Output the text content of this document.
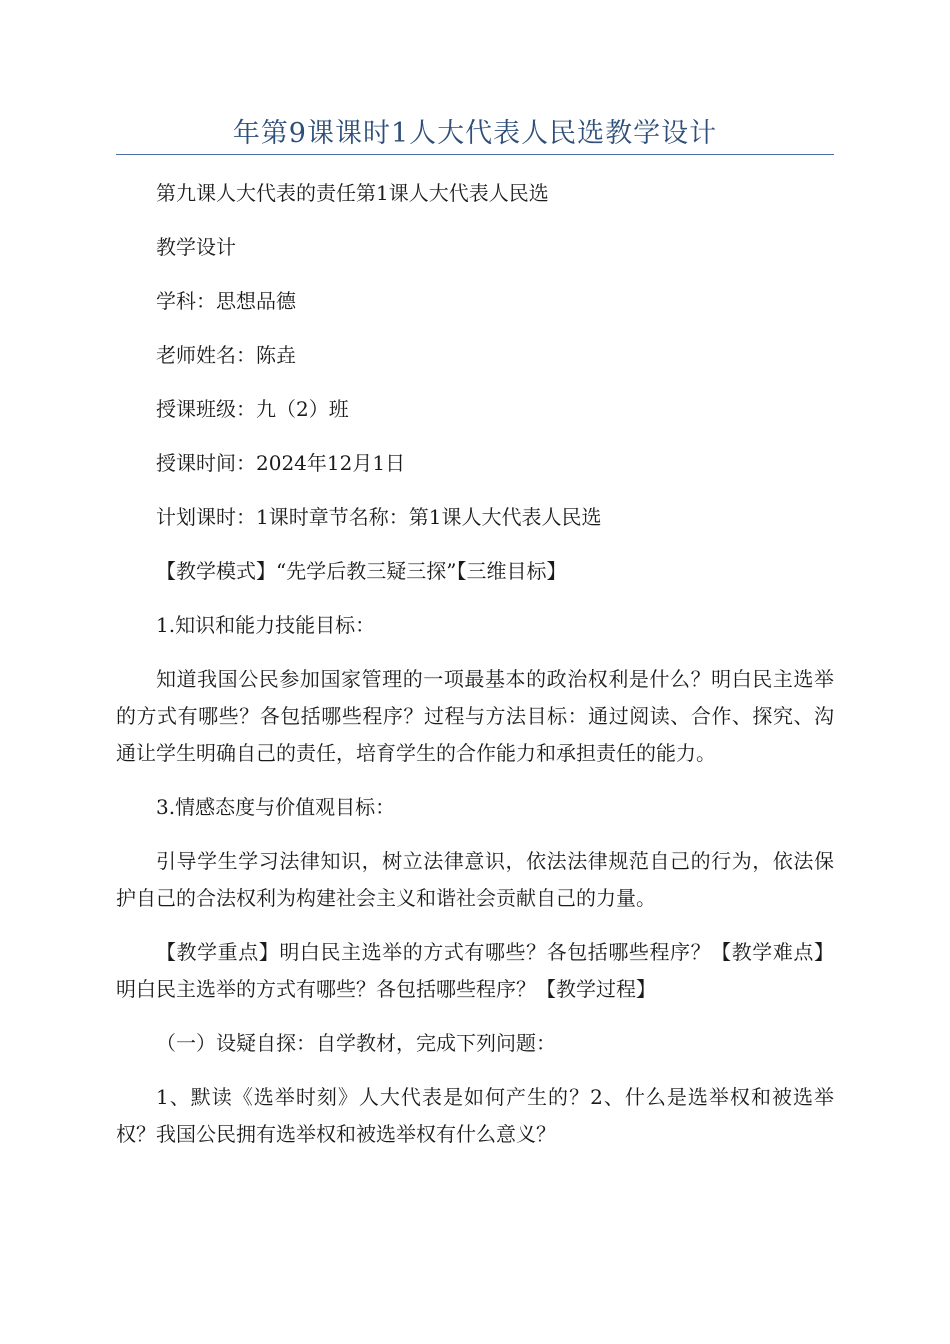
年第9课课时1人大代表人民选教学设计

第九课人大代表的责任第1课人大代表人民选

教学设计

学科：思想品德

老师姓名：陈垚

授课班级：九（2）班

授课时间：2024年12月1日

计划课时：1课时章节名称：第1课人大代表人民选

【教学模式】“先学后教三疑三探”【三维目标】

1.知识和能力技能目标：

知道我国公民参加国家管理的一项最基本的政治权利是什么？明白民主选举的方式有哪些？各包括哪些程序？过程与方法目标：通过阅读、合作、探究、沟通让学生明确自己的责任，培育学生的合作能力和承担责任的能力。

3.情感态度与价值观目标：

引导学生学习法律知识，树立法律意识，依法法律规范自己的行为，依法保护自己的合法权利为构建社会主义和谐社会贡献自己的力量。

【教学重点】明白民主选举的方式有哪些？各包括哪些程序？【教学难点】明白民主选举的方式有哪些？各包括哪些程序？【教学过程】

（一）设疑自探：自学教材，完成下列问题：

1、默读《选举时刻》人大代表是如何产生的？2、什么是选举权和被选举权？我国公民拥有选举权和被选举权有什么意义？
